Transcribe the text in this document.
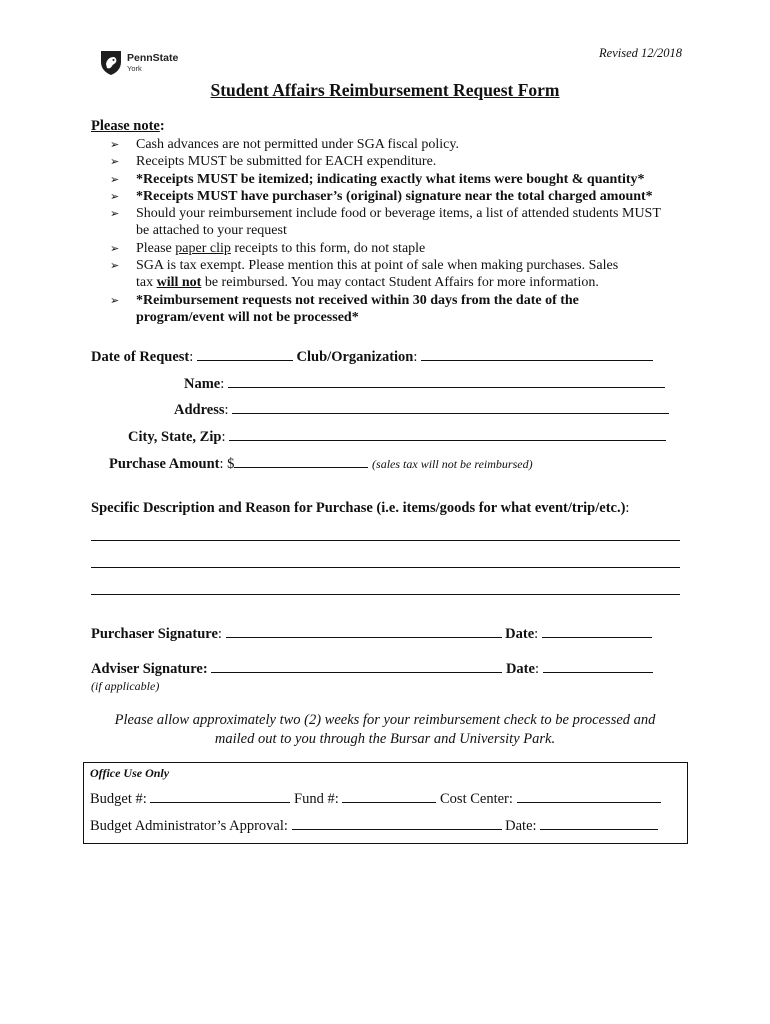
PennState
York
Revised 12/2018
Student Affairs Reimbursement Request Form
Please note:
➢ Cash advances are not permitted under SGA fiscal policy.
➢ Receipts MUST be submitted for EACH expenditure.
➢ *Receipts MUST be itemized; indicating exactly what items were bought & quantity*
➢ *Receipts MUST have purchaser’s (original) signature near the total charged amount*
➢ Should your reimbursement include food or beverage items, a list of attended students MUST
be attached to your request
➢ Please paper clip receipts to this form, do not staple
➢ SGA is tax exempt. Please mention this at point of sale when making purchases. Sales
tax will not be reimbursed. You may contact Student Affairs for more information.
➢ *Reimbursement requests not received within 30 days from the date of the
program/event will not be processed*
Date of Request:	Club/Organization:
Name:
Address:
City, State, Zip:
Purchase Amount: $	(sales tax will not be reimbursed)
Specific Description and Reason for Purchase (i.e. items/goods for what event/trip/etc.):
Purchaser Signature:	Date:
Adviser Signature:	Date:
(if applicable)
Please allow approximately two (2) weeks for your reimbursement check to be processed and
mailed out to you through the Bursar and University Park.
Office Use Only
Budget #:	Fund #:	Cost Center:
Budget Administrator’s Approval:	Date:
